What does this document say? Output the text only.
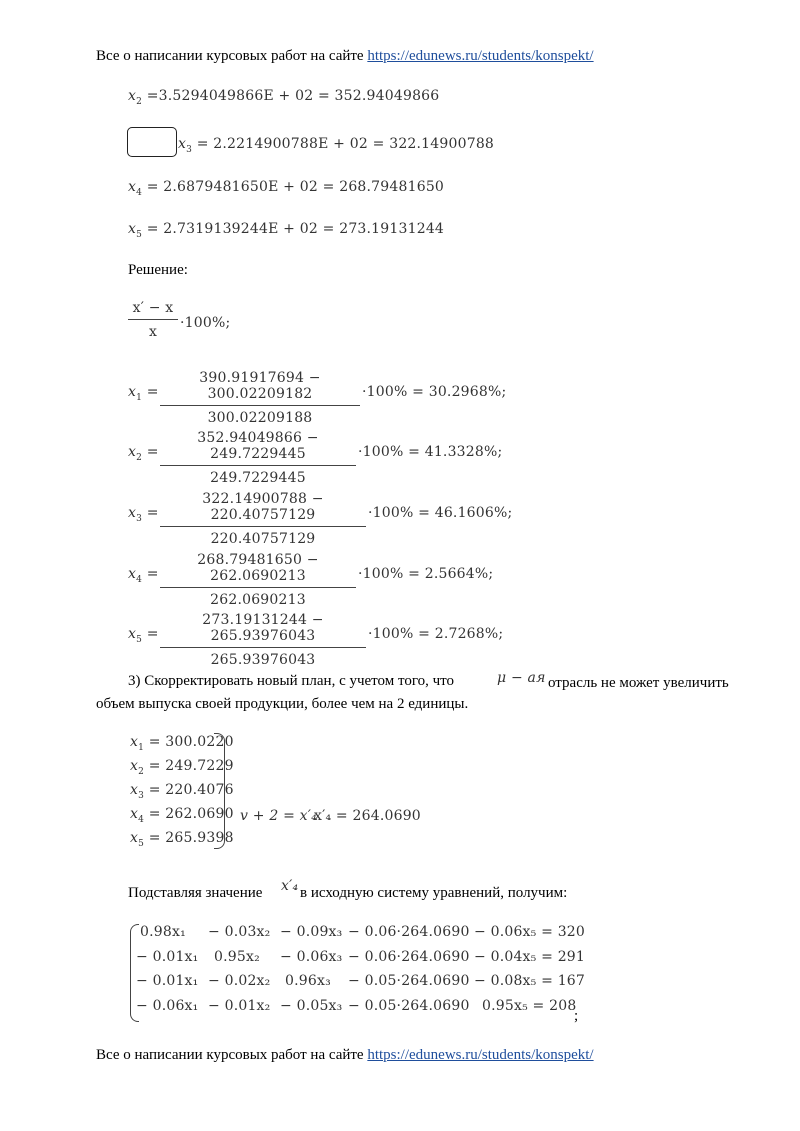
Все о написании курсовых работ на сайте https://edunews.ru/students/konspekt/
$x_2 =3.5294049866E + 02 = 352.94049866$
$x_3 = 2.2214900788E + 02 = 322.14900788$
$x_4 = 2.6879481650E + 02 = 268.79481650$
$x_5 = 2.7319139244E + 02 = 273.19131244$
Решение:
x′ − x
x
·100%;
$x_1$ =
390.91917694 − 300.02209182
300.02209188
·100% = 30.2968%;
$x_2$ =
352.94049866 − 249.7229445
249.7229445
·100% = 41.3328%;
$x_3$ =
322.14900788 − 220.40757129
220.40757129
·100% = 46.1606%;
$x_4$ =
268.79481650 − 262.0690213
262.0690213
·100% = 2.5664%;
$x_5$ =
273.19131244 − 265.93976043
265.93976043
·100% = 2.7268%;
3) Скорректировать новый план, с учетом того, что	μ − ая отрасль не может увеличить
объем выпуска своей продукции, более чем на 2 единицы.
$x_1 = 300.0220$
$x_2 = 249.7229$
$x_3 = 220.4076$
$x_4 = 262.0690$
$x_5 = 265.9398$
v + 2 = x′₄
x′₄ = 264.0690
Подставляя значение x′₄ в исходную систему уравнений, получим:
0.98x₁ − 0.03x₂ − 0.09x₃ − 0.06·264.0690 − 0.06x₅ = 320
− 0.01x₁ 0.95x₂ − 0.06x₃ − 0.06·264.0690 − 0.04x₅ = 291
− 0.01x₁ − 0.02x₂ 0.96x₃ − 0.05·264.0690 − 0.08x₅ = 167
− 0.06x₁ − 0.01x₂ − 0.05x₃ − 0.05·264.0690 0.95x₅ = 208
;
Все о написании курсовых работ на сайте https://edunews.ru/students/konspekt/
